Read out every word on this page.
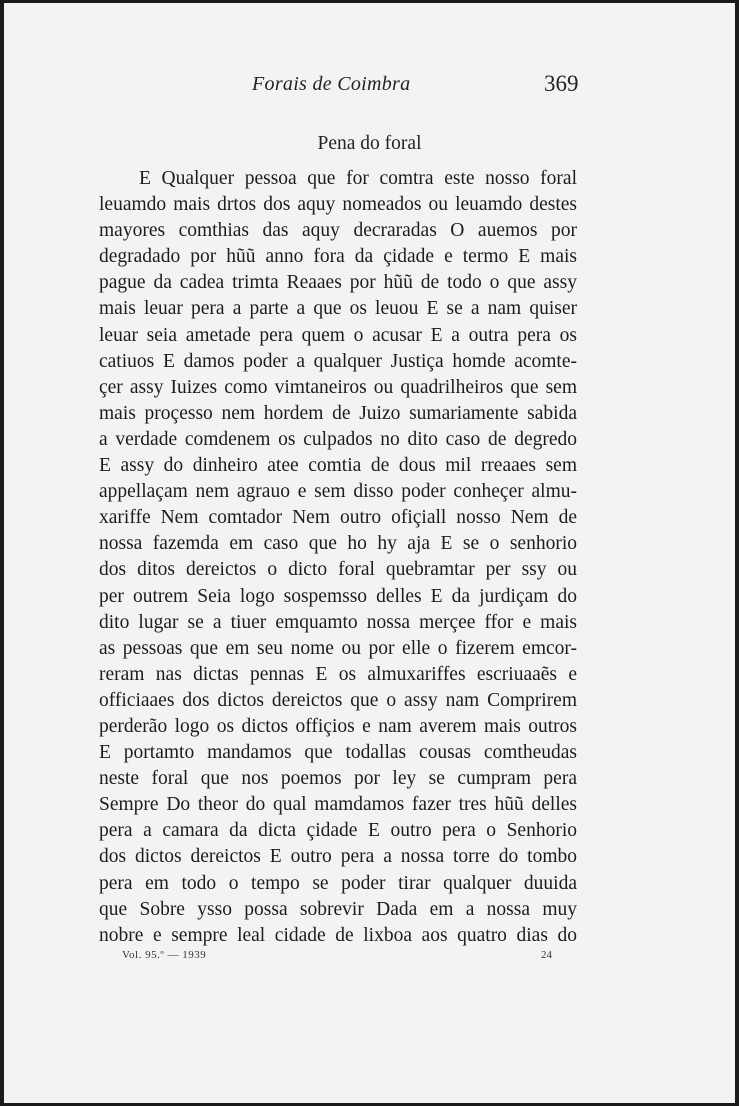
Forais de Coimbra	369
Pena do foral
E Qualquer pessoa que for comtra este nosso foral
leuamdo mais drtos dos aquy nomeados ou leuamdo destes
mayores comthias das aquy decraradas O auemos por
degradado por hũũ anno fora da çidade e termo E mais
pague da cadea trimta Reaaes por hũũ de todo o que assy
mais leuar pera a parte a que os leuou E se a nam quiser
leuar seia ametade pera quem o acusar E a outra pera os
catiuos E damos poder a qualquer Justiça homde acomte-
çer assy Iuizes como vimtaneiros ou quadrilheiros que sem
mais proçesso nem hordem de Juizo sumariamente sabida
a verdade comdenem os culpados no dito caso de degredo
E assy do dinheiro atee comtia de dous mil rreaaes sem
appellaçam nem agrauo e sem disso poder conheçer almu-
xariffe Nem comtador Nem outro ofiçiall nosso Nem de
nossa fazemda em caso que ho hy aja E se o senhorio
dos ditos dereictos o dicto foral quebramtar per ssy ou
per outrem Seia logo sospemsso delles E da jurdiçam do
dito lugar se a tiuer emquamto nossa merçee ffor e mais
as pessoas que em seu nome ou por elle o fizerem emcor-
reram nas dictas pennas E os almuxariffes escriuaaẽs e
officiaaes dos dictos dereictos que o assy nam Comprirem
perderão logo os dictos offiçios e nam averem mais outros
E portamto mandamos que todallas cousas comtheudas
neste foral que nos poemos por ley se cumpram pera
Sempre Do theor do qual mamdamos fazer tres hũũ delles
pera a camara da dicta çidade E outro pera o Senhorio
dos dictos dereictos E outro pera a nossa torre do tombo
pera em todo o tempo se poder tirar qualquer duuida
que Sobre ysso possa sobrevir Dada em a nossa muy
nobre e sempre leal cidade de lixboa aos quatro dias do
Vol. 95.º — 1939	24
